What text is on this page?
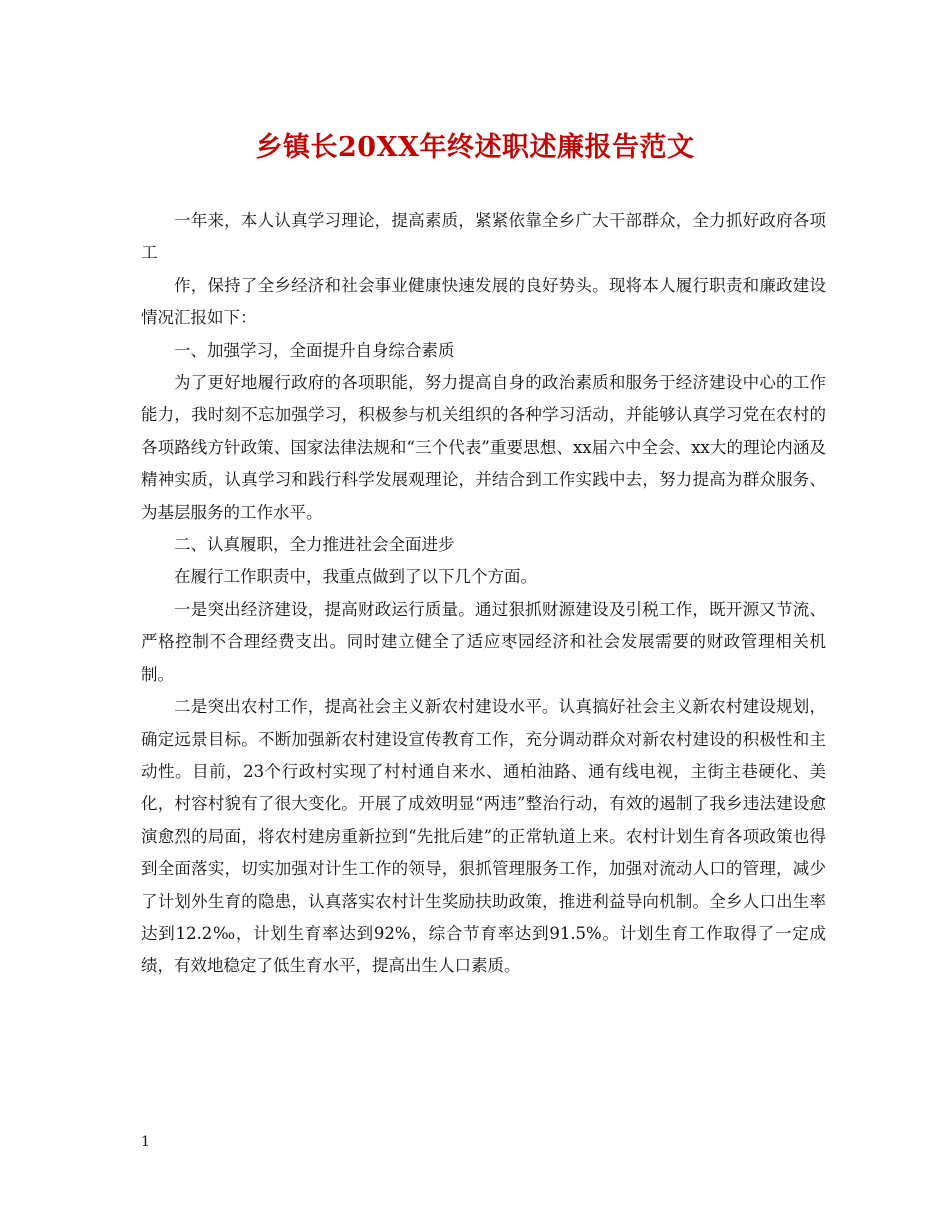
乡镇长20XX年终述职述廉报告范文

一年来，本人认真学习理论，提高素质，紧紧依靠全乡广大干部群众，全力抓好政府各项工

作，保持了全乡经济和社会事业健康快速发展的良好势头。现将本人履行职责和廉政建设情况汇报如下：

一、加强学习，全面提升自身综合素质

为了更好地履行政府的各项职能，努力提高自身的政治素质和服务于经济建设中心的工作能力，我时刻不忘加强学习，积极参与机关组织的各种学习活动，并能够认真学习党在农村的各项路线方针政策、国家法律法规和“三个代表”重要思想、xx届六中全会、xx大的理论内涵及精神实质，认真学习和践行科学发展观理论，并结合到工作实践中去，努力提高为群众服务、为基层服务的工作水平。

二、认真履职，全力推进社会全面进步

在履行工作职责中，我重点做到了以下几个方面。

一是突出经济建设，提高财政运行质量。通过狠抓财源建设及引税工作，既开源又节流、严格控制不合理经费支出。同时建立健全了适应枣园经济和社会发展需要的财政管理相关机制。

二是突出农村工作，提高社会主义新农村建设水平。认真搞好社会主义新农村建设规划，确定远景目标。不断加强新农村建设宣传教育工作，充分调动群众对新农村建设的积极性和主动性。目前，23个行政村实现了村村通自来水、通柏油路、通有线电视，主街主巷硬化、美化，村容村貌有了很大变化。开展了成效明显“两违”整治行动，有效的遏制了我乡违法建设愈演愈烈的局面，将农村建房重新拉到“先批后建”的正常轨道上来。农村计划生育各项政策也得到全面落实，切实加强对计生工作的领导，狠抓管理服务工作，加强对流动人口的管理，减少了计划外生育的隐患，认真落实农村计生奖励扶助政策，推进利益导向机制。全乡人口出生率达到12.2‰，计划生育率达到92%，综合节育率达到91.5%。计划生育工作取得了一定成绩，有效地稳定了低生育水平，提高出生人口素质。

1
